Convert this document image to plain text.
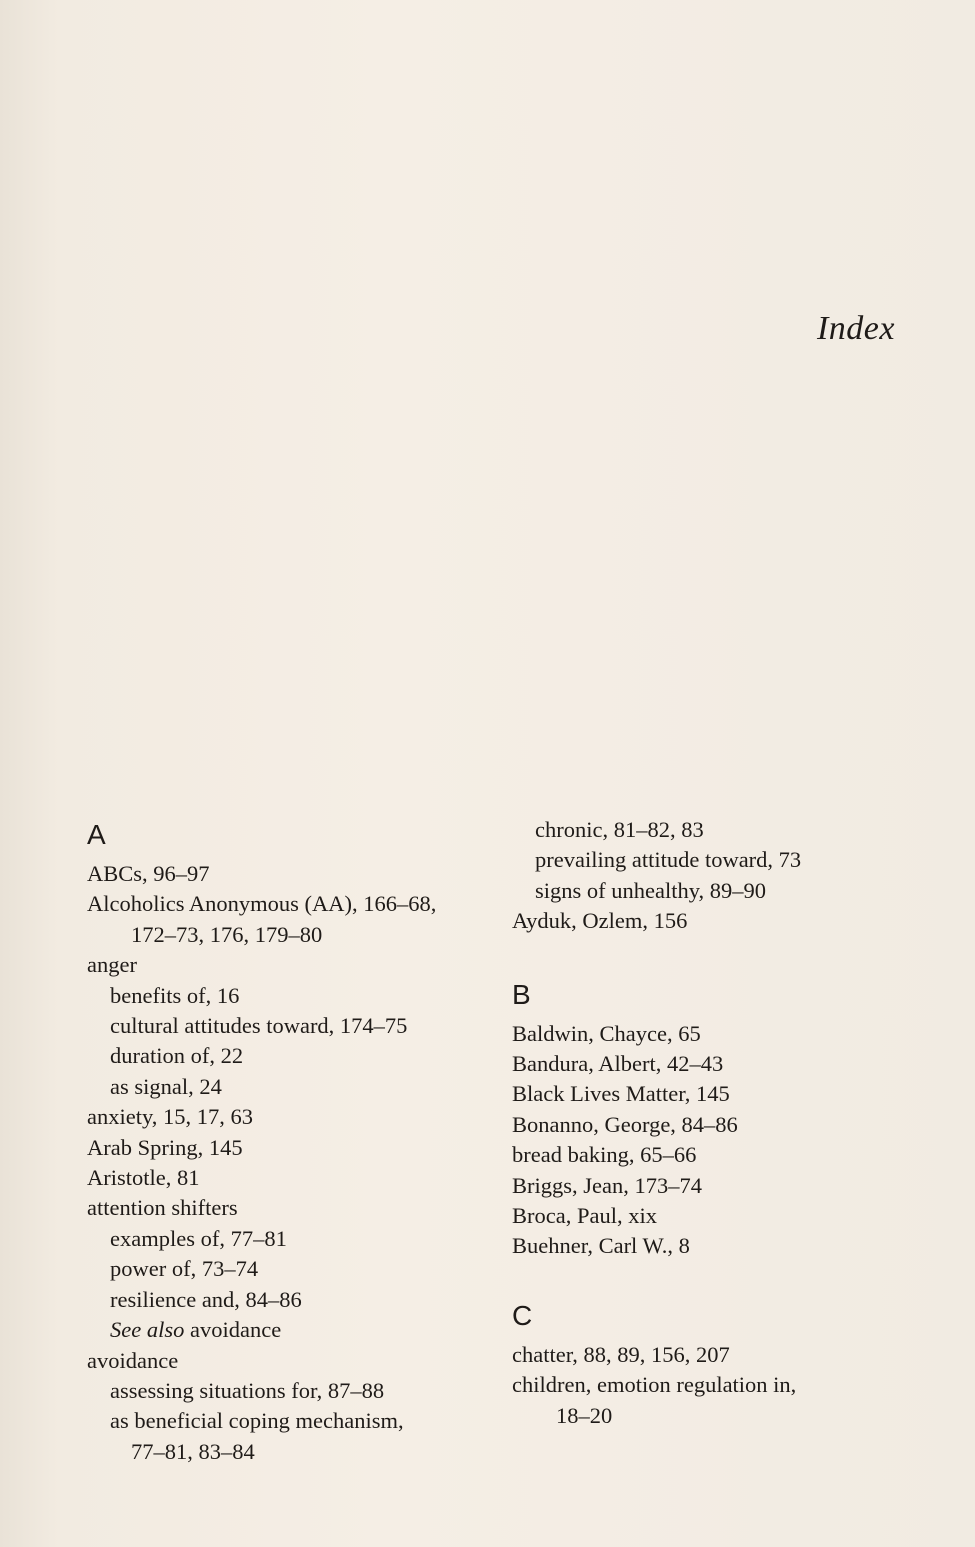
Index
A
ABCs, 96–97
Alcoholics Anonymous (AA), 166–68,
172–73, 176, 179–80
anger
benefits of, 16
cultural attitudes toward, 174–75
duration of, 22
as signal, 24
anxiety, 15, 17, 63
Arab Spring, 145
Aristotle, 81
attention shifters
examples of, 77–81
power of, 73–74
resilience and, 84–86
See also avoidance
avoidance
assessing situations for, 87–88
as beneficial coping mechanism,
77–81, 83–84
chronic, 81–82, 83
prevailing attitude toward, 73
signs of unhealthy, 89–90
Ayduk, Ozlem, 156
B
Baldwin, Chayce, 65
Bandura, Albert, 42–43
Black Lives Matter, 145
Bonanno, George, 84–86
bread baking, 65–66
Briggs, Jean, 173–74
Broca, Paul, xix
Buehner, Carl W., 8
C
chatter, 88, 89, 156, 207
children, emotion regulation in,
18–20
